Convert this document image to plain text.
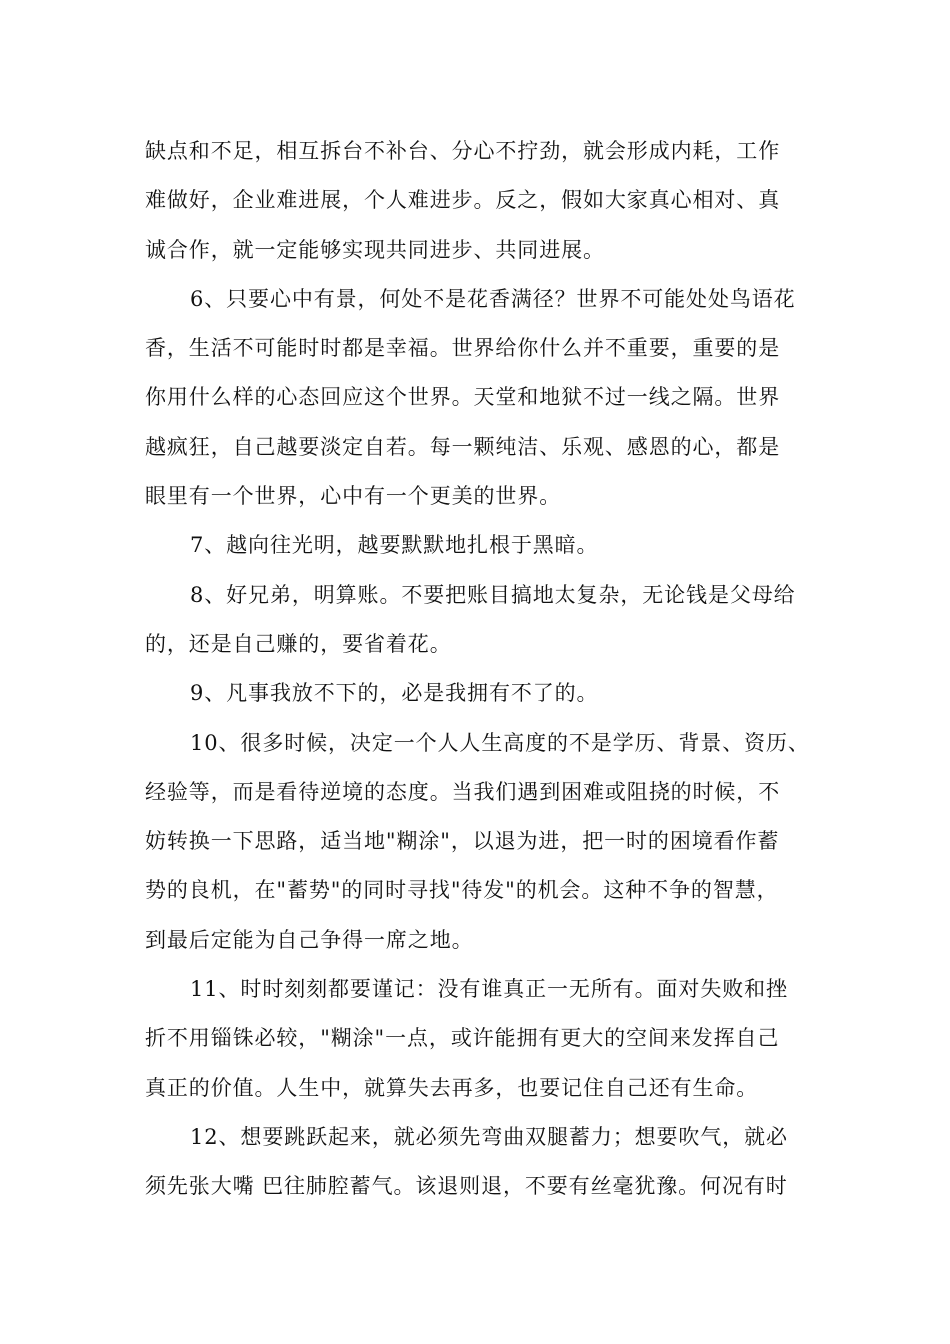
缺点和不足，相互拆台不补台、分心不拧劲，就会形成内耗，工作
难做好，企业难进展，个人难进步。反之，假如大家真心相对、真
诚合作，就一定能够实现共同进步、共同进展。
6、只要心中有景，何处不是花香满径？世界不可能处处鸟语花
香，生活不可能时时都是幸福。世界给你什么并不重要，重要的是
你用什么样的心态回应这个世界。天堂和地狱不过一线之隔。世界
越疯狂，自己越要淡定自若。每一颗纯洁、乐观、感恩的心，都是
眼里有一个世界，心中有一个更美的世界。
7、越向往光明，越要默默地扎根于黑暗。
8、好兄弟，明算账。不要把账目搞地太复杂，无论钱是父母给
的，还是自己赚的，要省着花。
9、凡事我放不下的，必是我拥有不了的。
10、很多时候，决定一个人人生高度的不是学历、背景、资历、
经验等，而是看待逆境的态度。当我们遇到困难或阻挠的时候，不
妨转换一下思路，适当地"糊涂"，以退为进，把一时的困境看作蓄
势的良机，在"蓄势"的同时寻找"待发"的机会。这种不争的智慧，
到最后定能为自己争得一席之地。
11、时时刻刻都要谨记：没有谁真正一无所有。面对失败和挫
折不用锱铢必较，"糊涂"一点，或许能拥有更大的空间来发挥自己
真正的价值。人生中，就算失去再多，也要记住自己还有生命。
12、想要跳跃起来，就必须先弯曲双腿蓄力；想要吹气，就必
须先张大嘴 巴往肺腔蓄气。该退则退，不要有丝毫犹豫。何况有时
